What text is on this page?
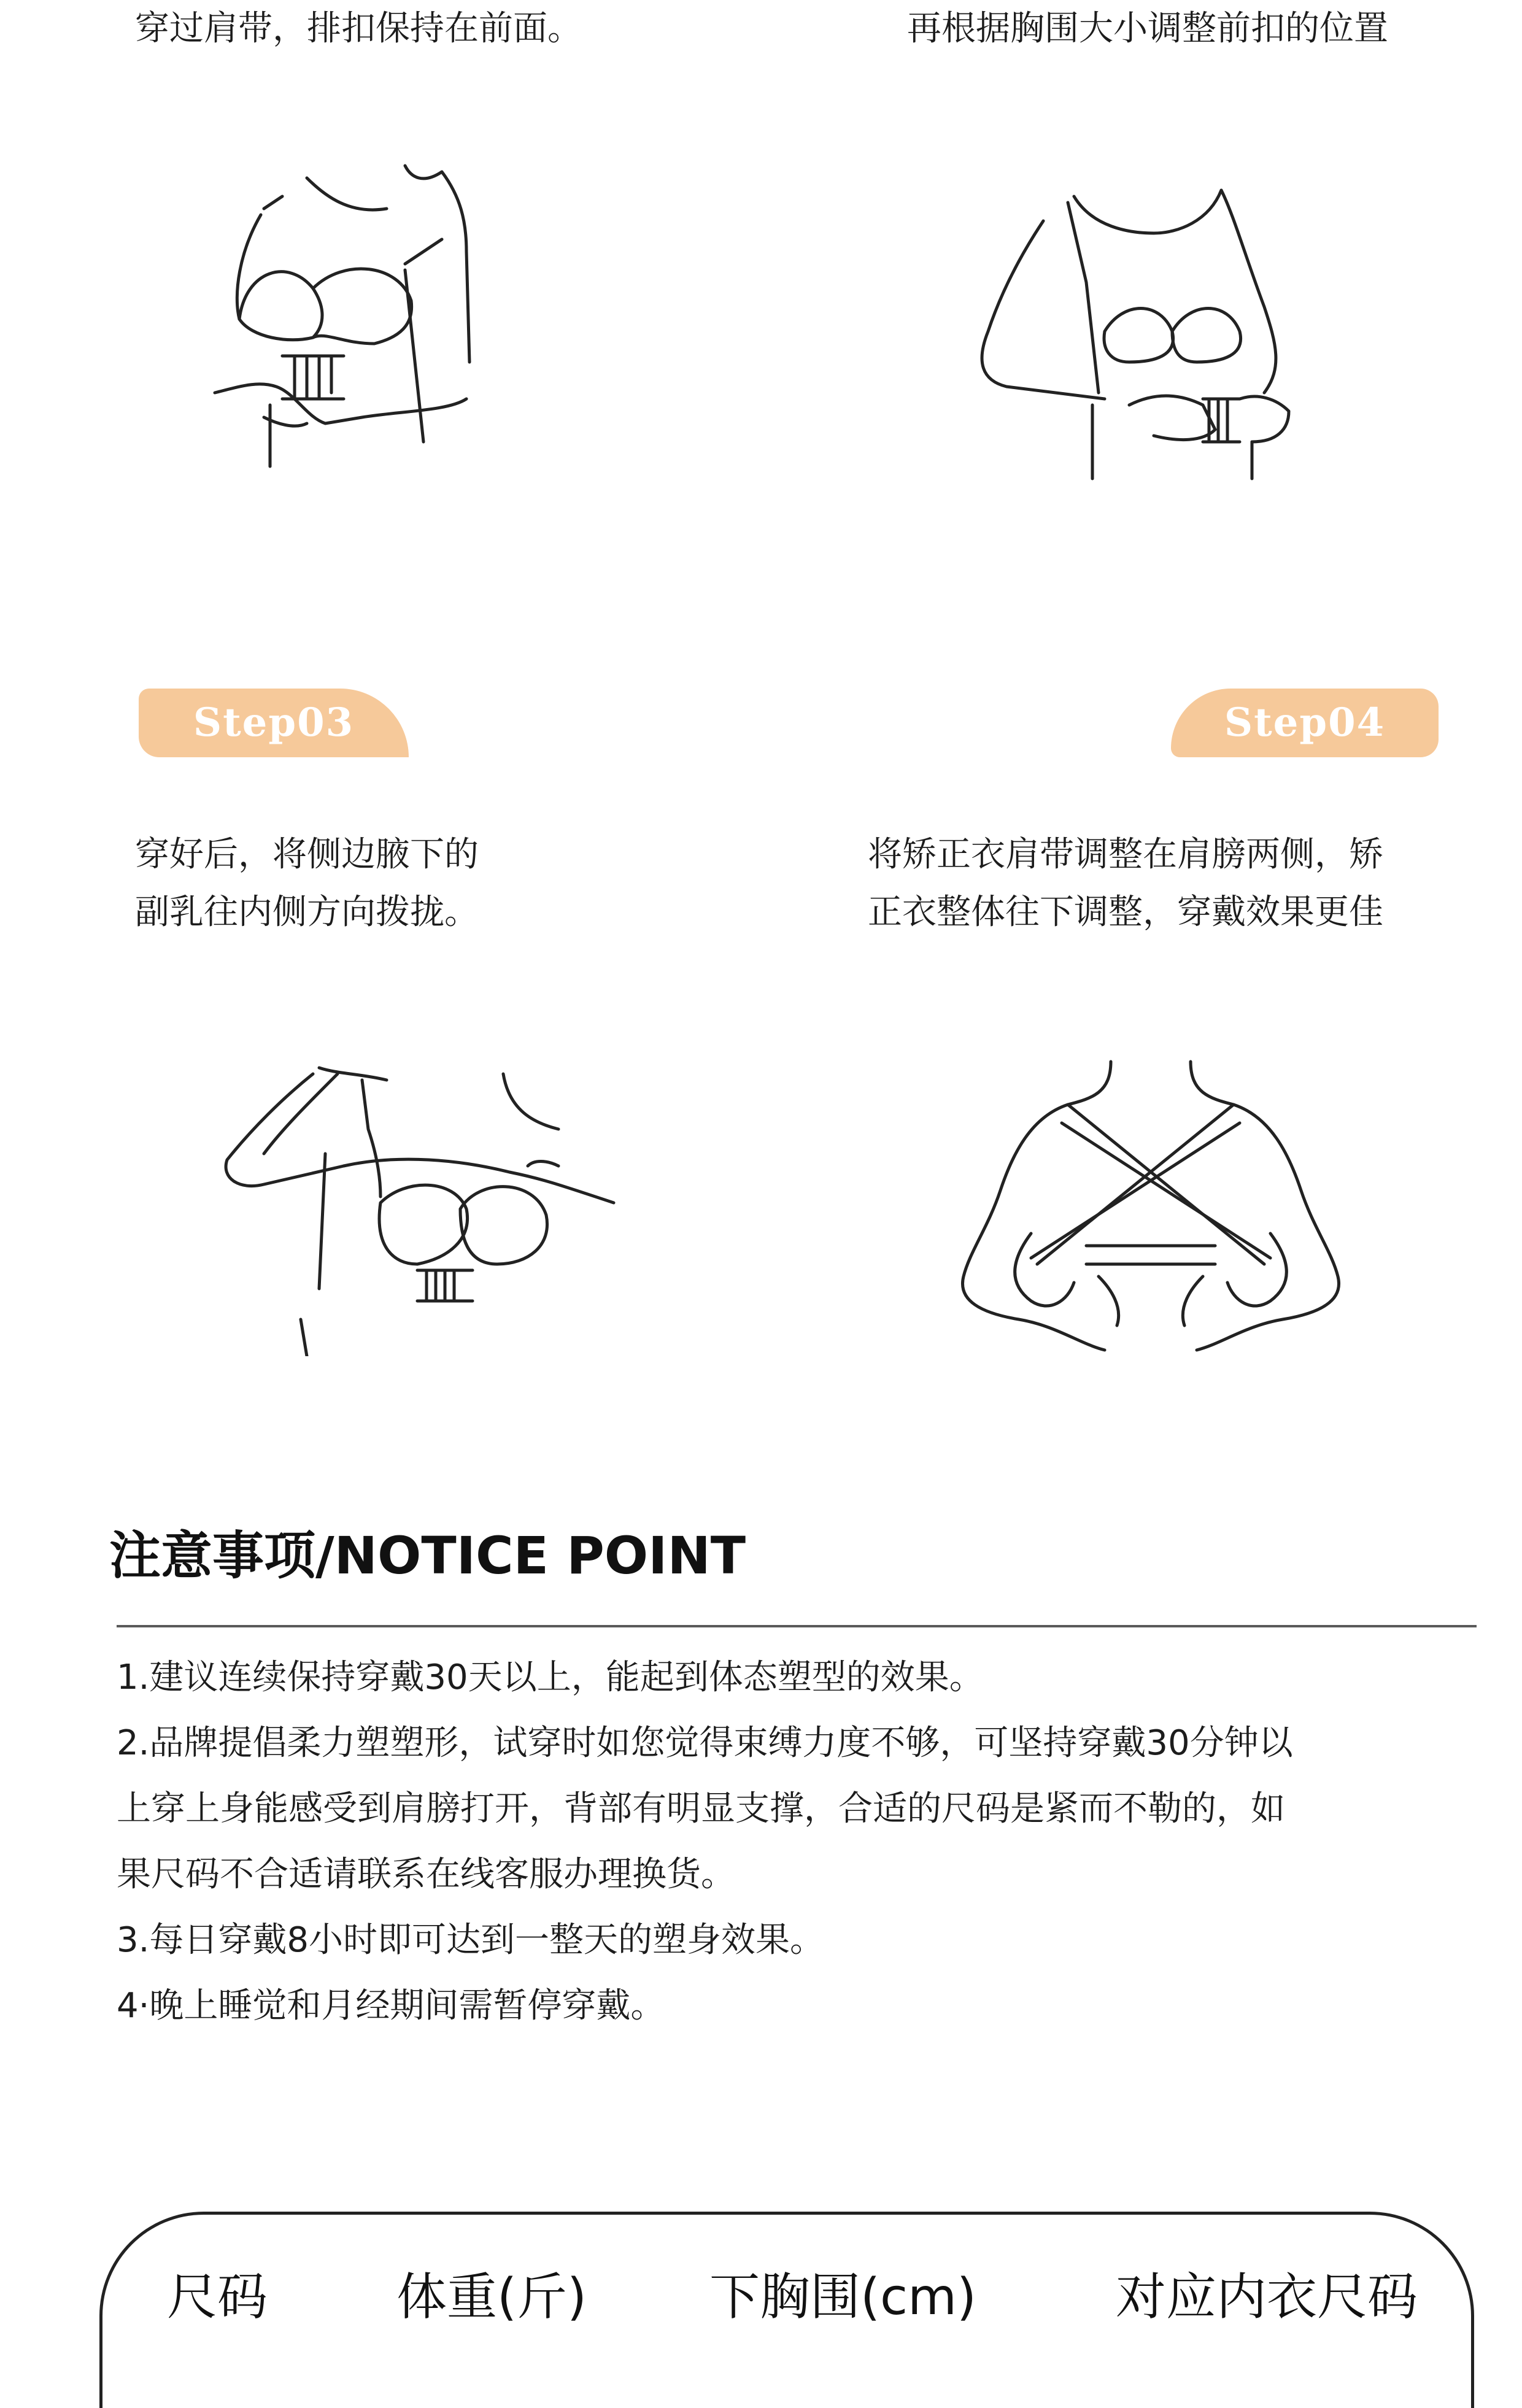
穿过肩带，排扣保持在前面。	再根据胸围大小调整前扣的位置
Step03	Step04
穿好后，将侧边腋下的
副乳往内侧方向拨拢。
将矫正衣肩带调整在肩膀两侧，矫
正衣整体往下调整，穿戴效果更佳
注意事项/NOTICE POINT

1.建议连续保持穿戴30天以上，能起到体态塑型的效果。

2.品牌提倡柔力塑塑形，试穿时如您觉得束缚力度不够，可坚持穿戴30分钟以

上穿上身能感受到肩膀打开，背部有明显支撑，合适的尺码是紧而不勒的，如

果尺码不合适请联系在线客服办理换货。

3.每日穿戴8小时即可达到一整天的塑身效果。

4·晚上睡觉和月经期间需暂停穿戴。

尺码	体重(斤) 下胸围(cm)	对应内衣尺码
